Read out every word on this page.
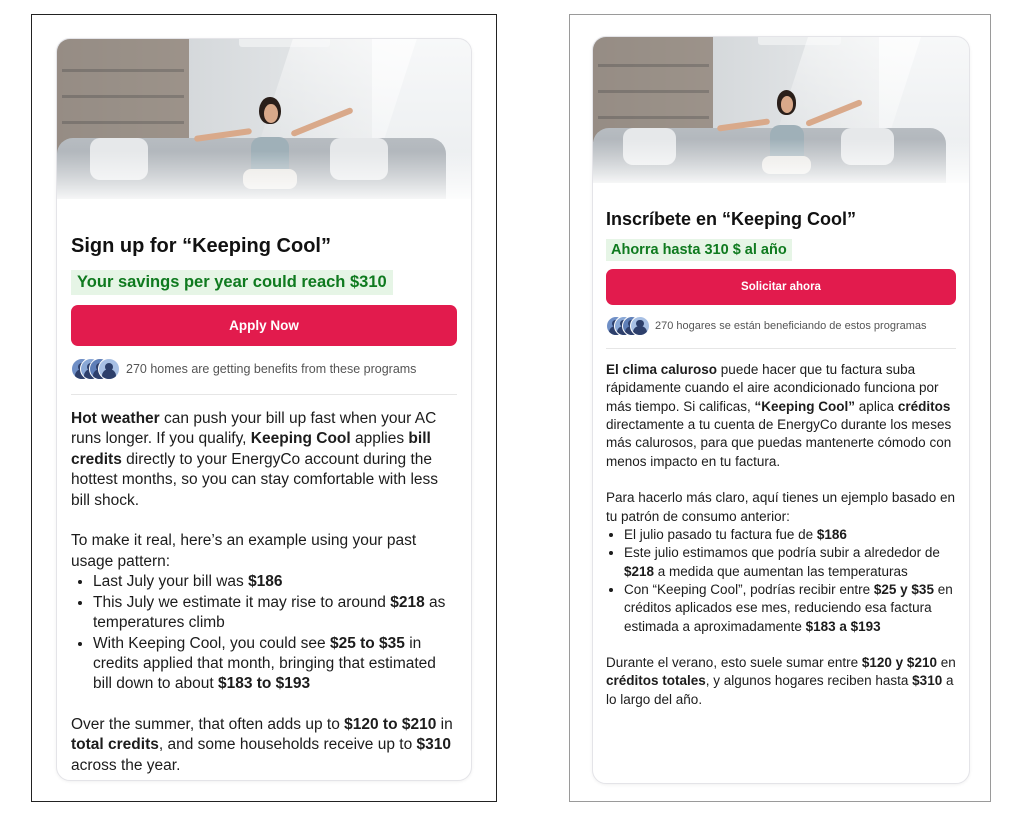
Sign up for “Keeping Cool”
Your savings per year could reach $310
Apply Now
270 homes are getting benefits from these programs

Hot weather can push your bill up fast when your AC runs longer. If you qualify, Keeping Cool applies bill credits directly to your EnergyCo account during the hottest months, so you can stay comfortable with less bill shock.

To make it real, here’s an example using your past usage pattern:

• Last July your bill was $186
• This July we estimate it may rise to around $218 as temperatures climb
• With Keeping Cool, you could see $25 to $35 in credits applied that month, bringing that estimated bill down to about $183 to $193

Over the summer, that often adds up to $120 to $210 in total credits, and some households receive up to $310 across the year.

Inscríbete en “Keeping Cool”
Ahorra hasta 310 $ al año
Solicitar ahora
270 hogares se están beneficiando de estos programas

El clima caluroso puede hacer que tu factura suba rápidamente cuando el aire acondicionado funciona por más tiempo. Si calificas, “Keeping Cool” aplica créditos directamente a tu cuenta de EnergyCo durante los meses más calurosos, para que puedas mantenerte cómodo con menos impacto en tu factura.

Para hacerlo más claro, aquí tienes un ejemplo basado en tu patrón de consumo anterior:

• El julio pasado tu factura fue de $186
• Este julio estimamos que podría subir a alrededor de $218 a medida que aumentan las temperaturas
• Con “Keeping Cool”, podrías recibir entre $25 y $35 en créditos aplicados ese mes, reduciendo esa factura estimada a aproximadamente $183 a $193

Durante el verano, esto suele sumar entre $120 y $210 en créditos totales, y algunos hogares reciben hasta $310 a lo largo del año.
